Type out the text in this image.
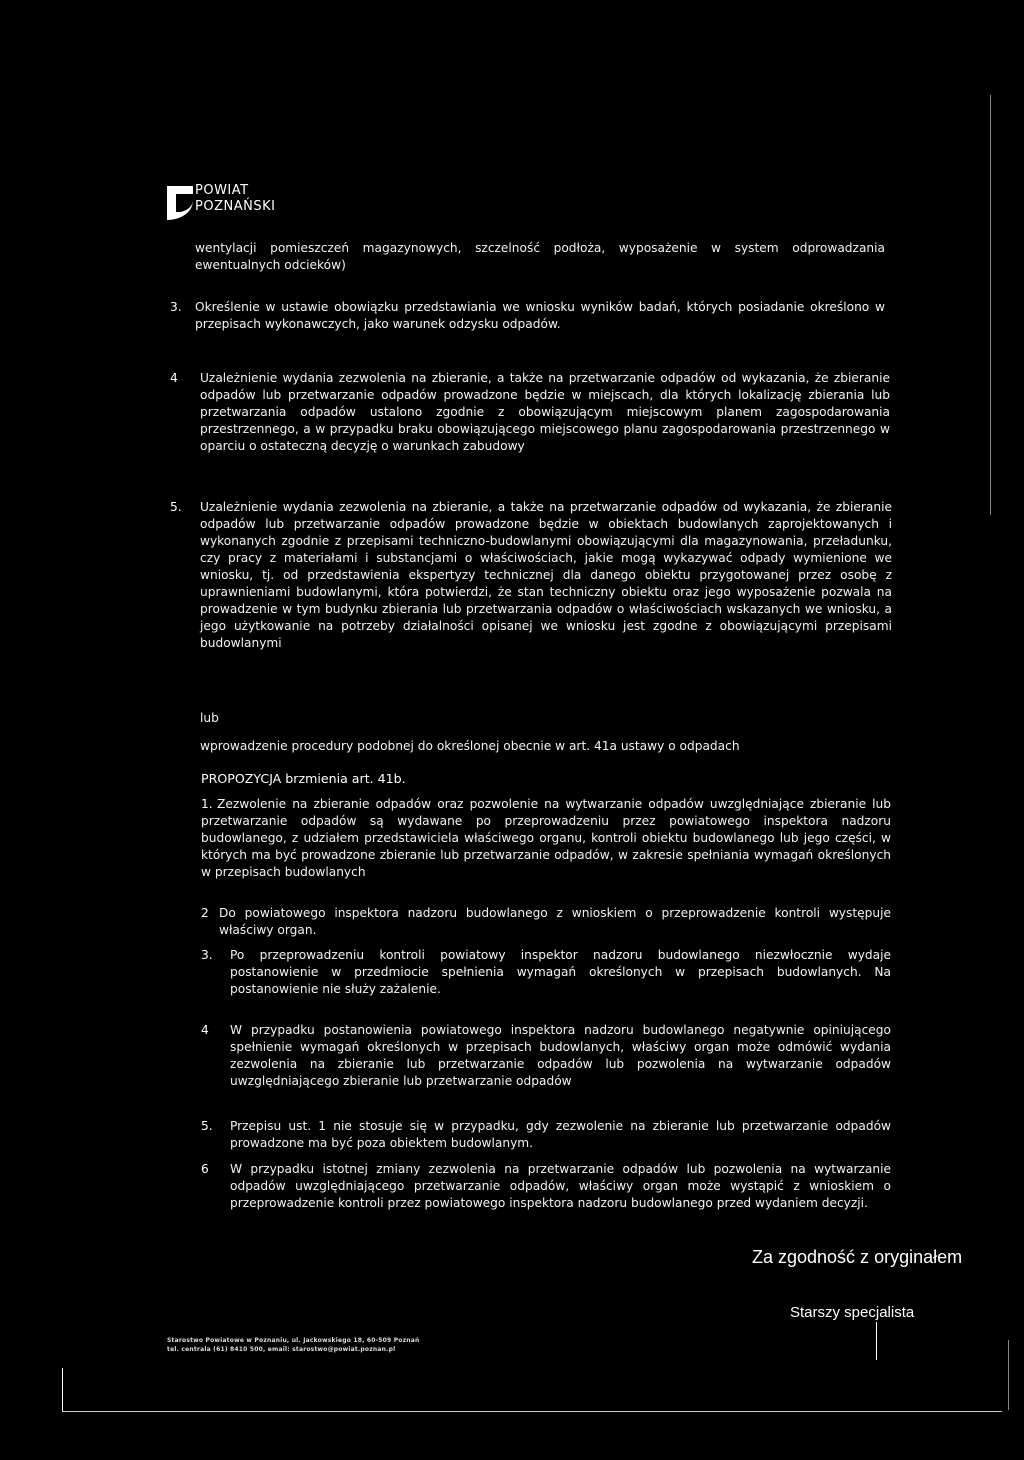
POWIAT
POZNAŃSKI
wentylacji pomieszczeń magazynowych, szczelność podłoża, wyposażenie w system odprowadzania ewentualnych odcieków)
3. Określenie w ustawie obowiązku przedstawiania we wniosku wyników badań, których posiadanie określono w przepisach wykonawczych, jako warunek odzysku odpadów.
4 Uzależnienie wydania zezwolenia na zbieranie, a także na przetwarzanie odpadów od wykazania, że zbieranie odpadów lub przetwarzanie odpadów prowadzone będzie w miejscach, dla których lokalizację zbierania lub przetwarzania odpadów ustalono zgodnie z obowiązującym miejscowym planem zagospodarowania przestrzennego, a w przypadku braku obowiązującego miejscowego planu zagospodarowania przestrzennego w oparciu o ostateczną decyzję o warunkach zabudowy
5. Uzależnienie wydania zezwolenia na zbieranie, a także na przetwarzanie odpadów od wykazania, że zbieranie odpadów lub przetwarzanie odpadów prowadzone będzie w obiektach budowlanych zaprojektowanych i wykonanych zgodnie z przepisami techniczno-budowlanymi obowiązującymi dla magazynowania, przeładunku, czy pracy z materiałami i substancjami o właściwościach, jakie mogą wykazywać odpady wymienione we wniosku, tj. od przedstawienia ekspertyzy technicznej dla danego obiektu przygotowanej przez osobę z uprawnieniami budowlanymi, która potwierdzi, że stan techniczny obiektu oraz jego wyposażenie pozwala na prowadzenie w tym budynku zbierania lub przetwarzania odpadów o właściwościach wskazanych we wniosku, a jego użytkowanie na potrzeby działalności opisanej we wniosku jest zgodne z obowiązującymi przepisami budowlanymi
lub
wprowadzenie procedury podobnej do określonej obecnie w art. 41a ustawy o odpadach
PROPOZYCJA brzmienia art. 41b.
1. Zezwolenie na zbieranie odpadów oraz pozwolenie na wytwarzanie odpadów uwzględniające zbieranie lub przetwarzanie odpadów są wydawane po przeprowadzeniu przez powiatowego inspektora nadzoru budowlanego, z udziałem przedstawiciela właściwego organu, kontroli obiektu budowlanego lub jego części, w których ma być prowadzone zbieranie lub przetwarzanie odpadów, w zakresie spełniania wymagań określonych w przepisach budowlanych
2 Do powiatowego inspektora nadzoru budowlanego z wnioskiem o przeprowadzenie kontroli występuje właściwy organ.
3. Po przeprowadzeniu kontroli powiatowy inspektor nadzoru budowlanego niezwłocznie wydaje postanowienie w przedmiocie spełnienia wymagań określonych w przepisach budowlanych. Na postanowienie nie służy zażalenie.
4 W przypadku postanowienia powiatowego inspektora nadzoru budowlanego negatywnie opiniującego spełnienie wymagań określonych w przepisach budowlanych, właściwy organ może odmówić wydania zezwolenia na zbieranie lub przetwarzanie odpadów lub pozwolenia na wytwarzanie odpadów uwzględniającego zbieranie lub przetwarzanie odpadów
5. Przepisu ust. 1 nie stosuje się w przypadku, gdy zezwolenie na zbieranie lub przetwarzanie odpadów prowadzone ma być poza obiektem budowlanym.
6 W przypadku istotnej zmiany zezwolenia na przetwarzanie odpadów lub pozwolenia na wytwarzanie odpadów uwzględniającego przetwarzanie odpadów, właściwy organ może wystąpić z wnioskiem o przeprowadzenie kontroli przez powiatowego inspektora nadzoru budowlanego przed wydaniem decyzji.
Za zgodność z oryginałem
Starszy specjalista
Starostwo Powiatowe w Poznaniu, ul. Jackowskiego 18, 60-509 Poznań
tel. centrala (61) 8410 500, email: starostwo@powiat.poznan.pl
